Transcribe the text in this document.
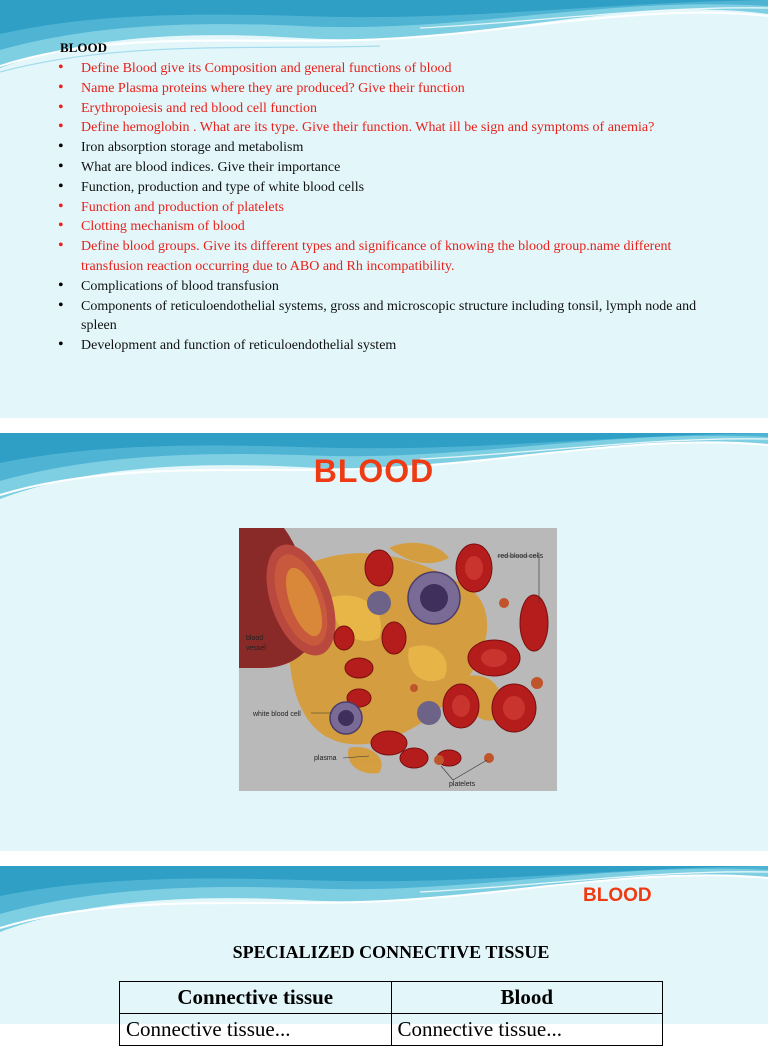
BLOOD
• Define Blood give its Composition and general functions of blood
• Name Plasma proteins where they are produced? Give their function
• Erythropoiesis and red blood cell function
• Define hemoglobin . What are its type. Give their function. What ill be sign and symptoms of anemia?
• Iron absorption storage and metabolism
• What are blood indices. Give their importance
• Function, production and type of white blood cells
• Function and production of platelets
• Clotting mechanism of blood
• Define blood groups. Give its different types and significance of knowing the blood group.name different transfusion reaction occurring due to ABO and Rh incompatibility.
• Complications of blood transfusion
• Components of reticuloendothelial systems, gross and microscopic structure including tonsil, lymph node and spleen
• Development and function of reticuloendothelial system
BLOOD
red blood cells
blood
vessel
white blood cell
plasma
platelets
BLOOD
SPECIALIZED CONNECTIVE TISSUE
Connective tissue	Blood
Connective tissue...	Connective tissue...
